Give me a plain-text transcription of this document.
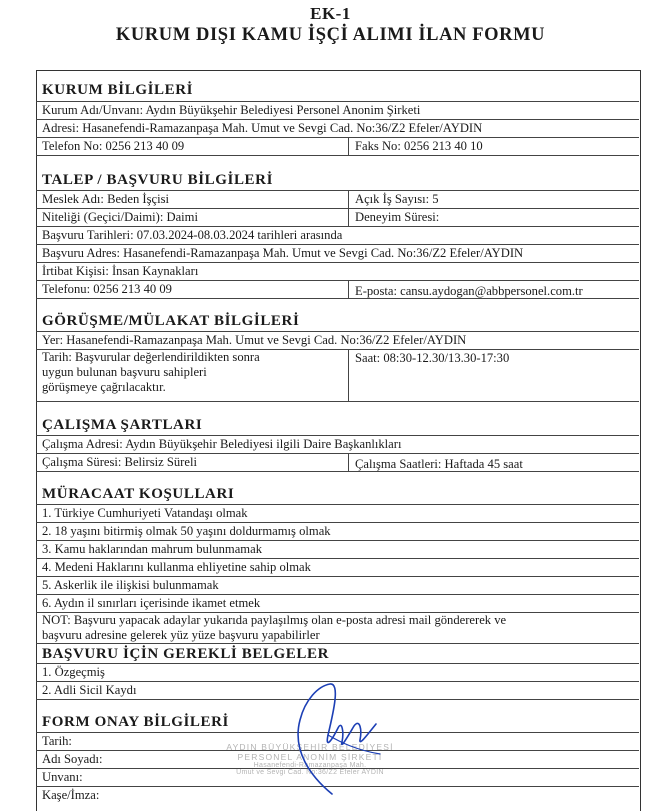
EK-1
KURUM DIŞI KAMU İŞÇİ ALIMI İLAN FORMU
KURUM BİLGİLERİ
Kurum Adı/Unvanı: Aydın Büyükşehir Belediyesi Personel Anonim Şirketi
Adresi: Hasanefendi-Ramazanpaşa Mah. Umut ve Sevgi Cad. No:36/Z2 Efeler/AYDIN
Telefon No: 0256 213 40 09	Faks No: 0256 213 40 10
TALEP / BAŞVURU BİLGİLERİ
Meslek Adı: Beden İşçisi	Açık İş Sayısı: 5
Niteliği (Geçici/Daimi): Daimi	Deneyim Süresi:
Başvuru Tarihleri: 07.03.2024-08.03.2024 tarihleri arasında
Başvuru Adres: Hasanefendi-Ramazanpaşa Mah. Umut ve Sevgi Cad. No:36/Z2 Efeler/AYDIN
İrtibat Kişisi: İnsan Kaynakları
Telefonu: 0256 213 40 09	E-posta: cansu.aydogan@abbpersonel.com.tr
GÖRÜŞME/MÜLAKAT BİLGİLERİ
Yer: Hasanefendi-Ramazanpaşa Mah. Umut ve Sevgi Cad. No:36/Z2 Efeler/AYDIN
Tarih: Başvurular değerlendirildikten sonra
uygun bulunan başvuru sahipleri
görüşmeye çağrılacaktır.
Saat: 08:30-12.30/13.30-17:30
ÇALIŞMA ŞARTLARI
Çalışma Adresi: Aydın Büyükşehir Belediyesi ilgili Daire Başkanlıkları
Çalışma Süresi: Belirsiz Süreli	Çalışma Saatleri: Haftada 45 saat
MÜRACAAT KOŞULLARI
1. Türkiye Cumhuriyeti Vatandaşı olmak
2. 18 yaşını bitirmiş olmak 50 yaşını doldurmamış olmak
3. Kamu haklarından mahrum bulunmamak
4. Medeni Haklarını kullanma ehliyetine sahip olmak
5. Askerlik ile ilişkisi bulunmamak
6. Aydın il sınırları içerisinde ikamet etmek
NOT: Başvuru yapacak adaylar yukarıda paylaşılmış olan e-posta adresi mail göndererek ve
başvuru adresine gelerek yüz yüze başvuru yapabilirler
BAŞVURU İÇİN GEREKLİ BELGELER
1. Özgeçmiş
2. Adli Sicil Kaydı
FORM ONAY BİLGİLERİ
Tarih:
Adı Soyadı:
Unvanı:
Kaşe/İmza:
AYDIN BÜYÜKŞEHİR BELEDİYESİ
PERSONEL ANONİM ŞİRKETİ
Hasanefendi-Ramazanpaşa Mah.
Umut ve Sevgi Cad. No:36/Z2 Efeler AYDIN
